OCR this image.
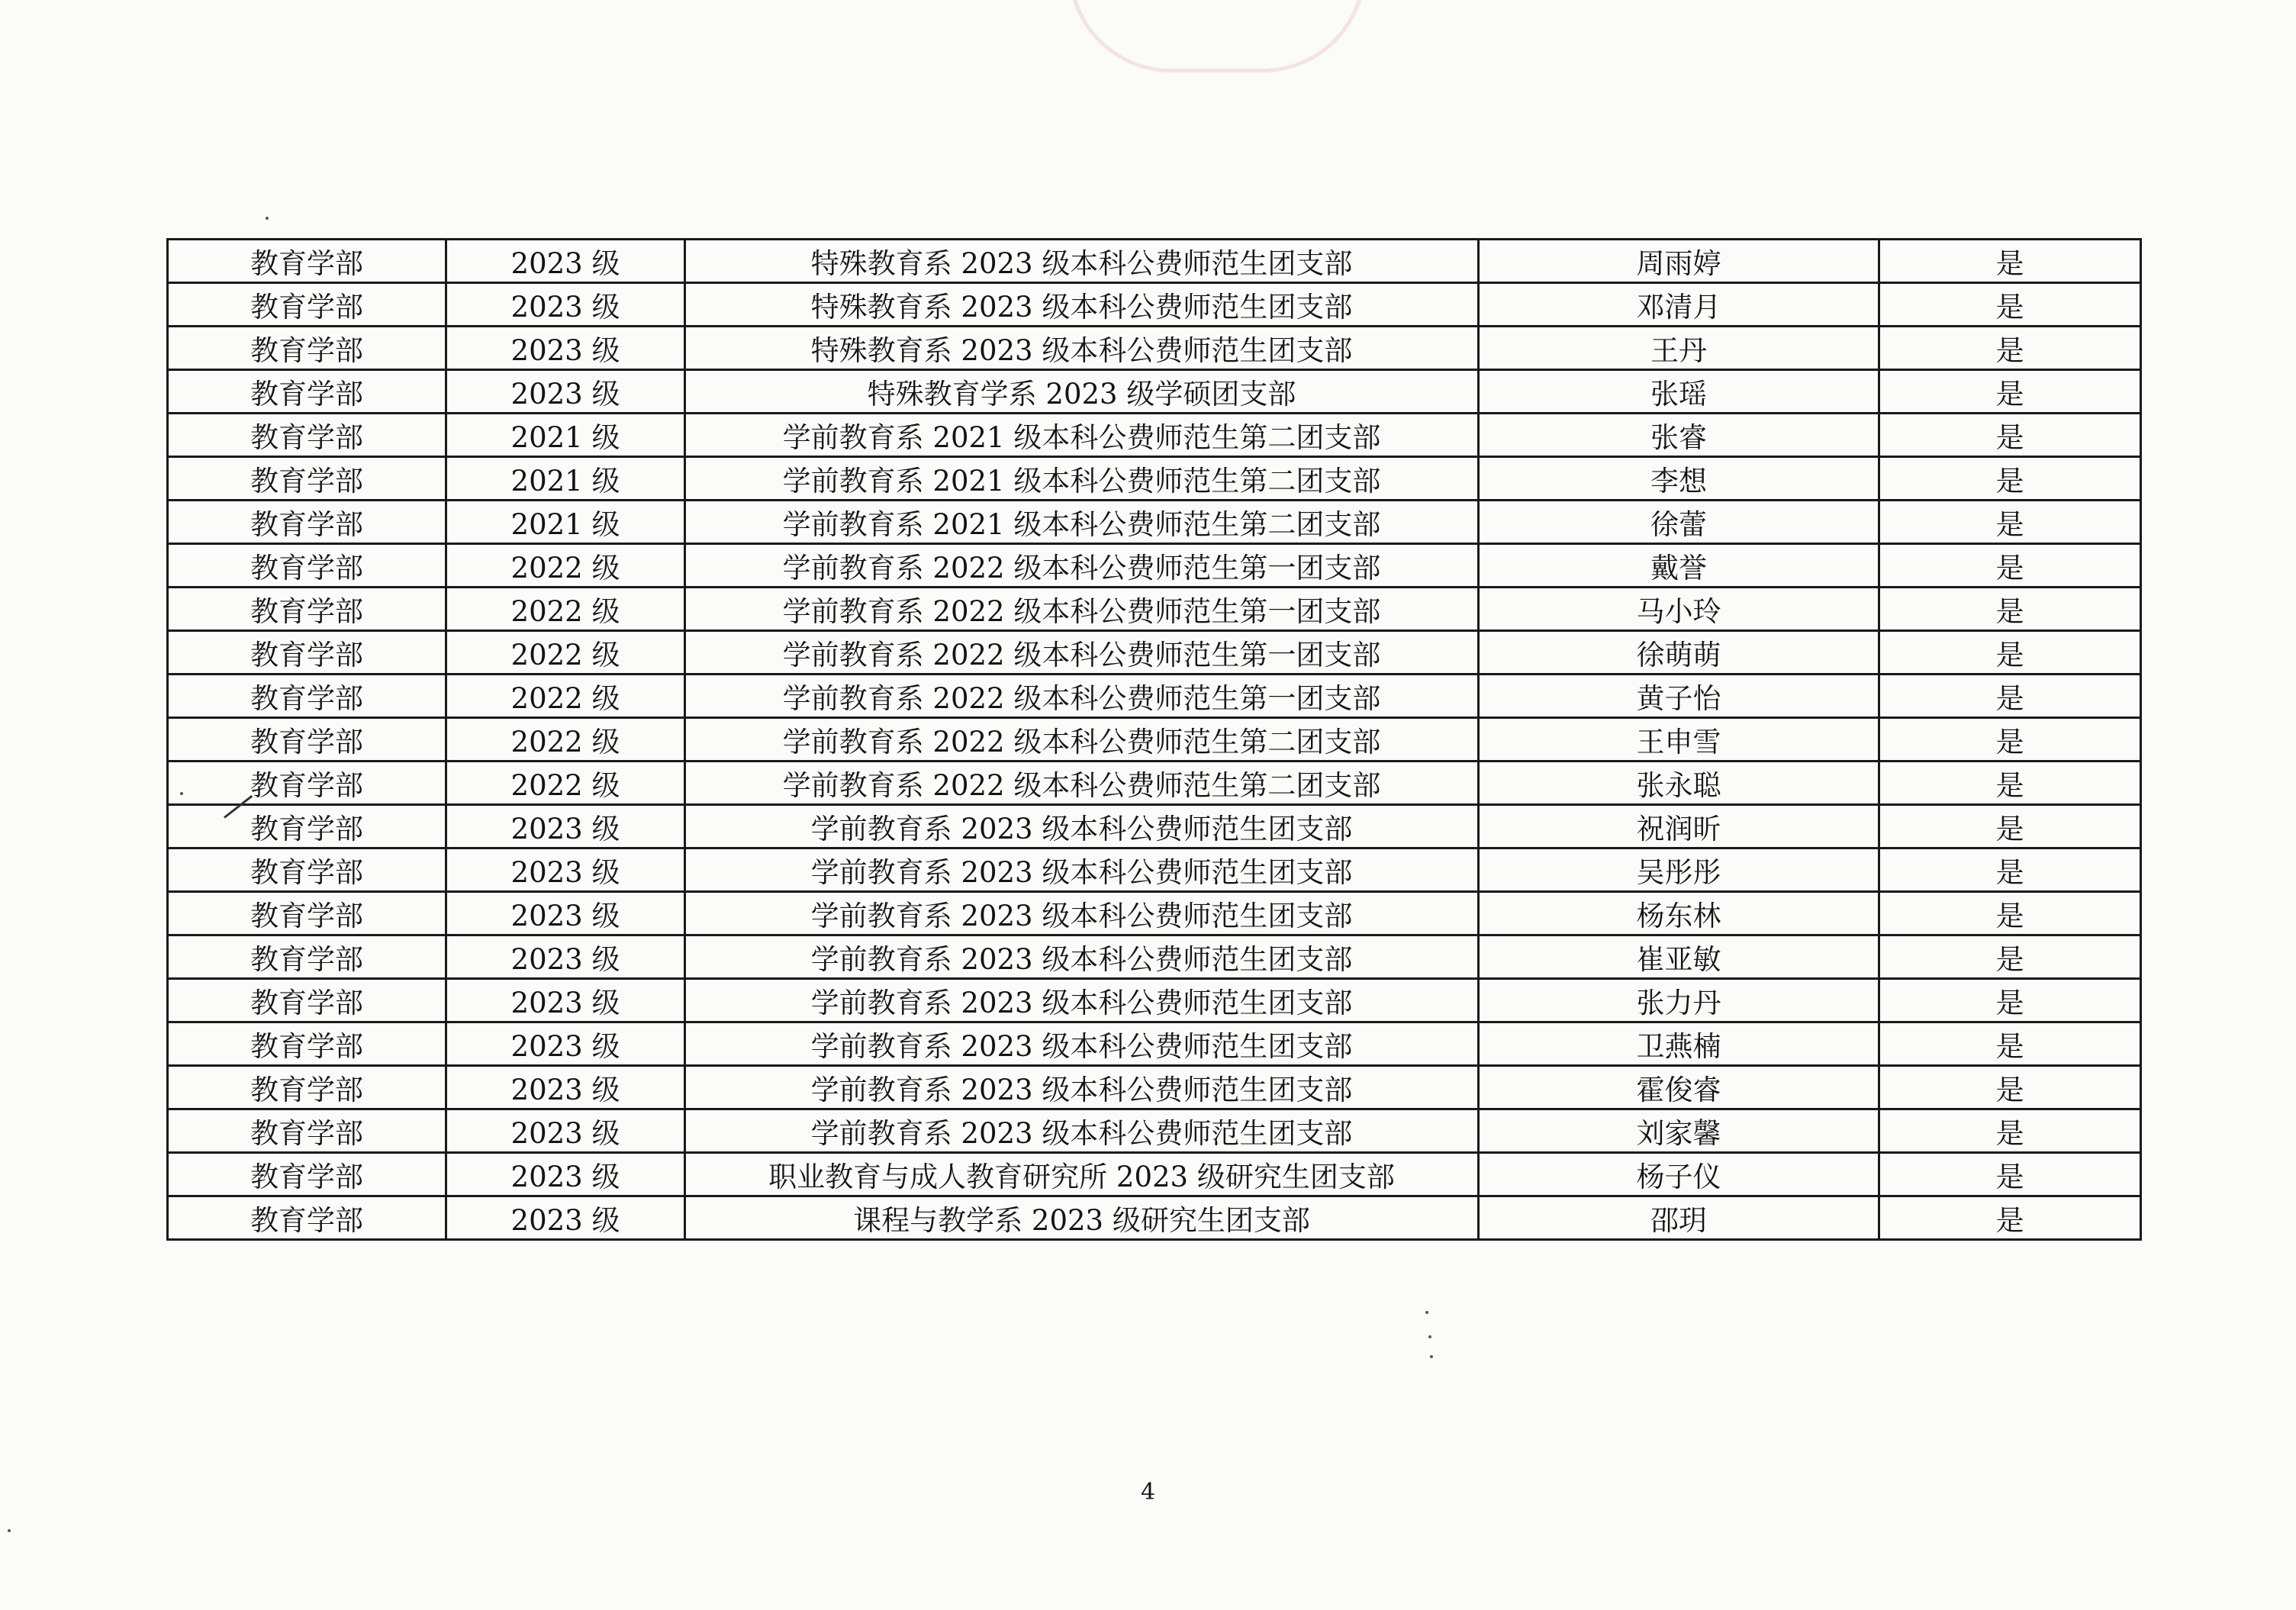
教育学部	2023 级	特殊教育系 2023 级本科公费师范生团支部	周雨婷	是
教育学部	2023 级	特殊教育系 2023 级本科公费师范生团支部	邓清月	是
教育学部	2023 级	特殊教育系 2023 级本科公费师范生团支部	王丹	是
教育学部	2023 级	特殊教育学系 2023 级学硕团支部	张瑶	是
教育学部	2021 级	学前教育系 2021 级本科公费师范生第二团支部	张睿	是
教育学部	2021 级	学前教育系 2021 级本科公费师范生第二团支部	李想	是
教育学部	2021 级	学前教育系 2021 级本科公费师范生第二团支部	徐蕾	是
教育学部	2022 级	学前教育系 2022 级本科公费师范生第一团支部	戴誉	是
教育学部	2022 级	学前教育系 2022 级本科公费师范生第一团支部	马小玲	是
教育学部	2022 级	学前教育系 2022 级本科公费师范生第一团支部	徐萌萌	是
教育学部	2022 级	学前教育系 2022 级本科公费师范生第一团支部	黄子怡	是
教育学部	2022 级	学前教育系 2022 级本科公费师范生第二团支部	王申雪	是
教育学部	2022 级	学前教育系 2022 级本科公费师范生第二团支部	张永聪	是
教育学部	2023 级	学前教育系 2023 级本科公费师范生团支部	祝润昕	是
教育学部	2023 级	学前教育系 2023 级本科公费师范生团支部	吴彤彤	是
教育学部	2023 级	学前教育系 2023 级本科公费师范生团支部	杨东林	是
教育学部	2023 级	学前教育系 2023 级本科公费师范生团支部	崔亚敏	是
教育学部	2023 级	学前教育系 2023 级本科公费师范生团支部	张力丹	是
教育学部	2023 级	学前教育系 2023 级本科公费师范生团支部	卫燕楠	是
教育学部	2023 级	学前教育系 2023 级本科公费师范生团支部	霍俊睿	是
教育学部	2023 级	学前教育系 2023 级本科公费师范生团支部	刘家馨	是
教育学部	2023 级	职业教育与成人教育研究所 2023 级研究生团支部	杨子仪	是
教育学部	2023 级	课程与教学系 2023 级研究生团支部	邵玥	是
4
